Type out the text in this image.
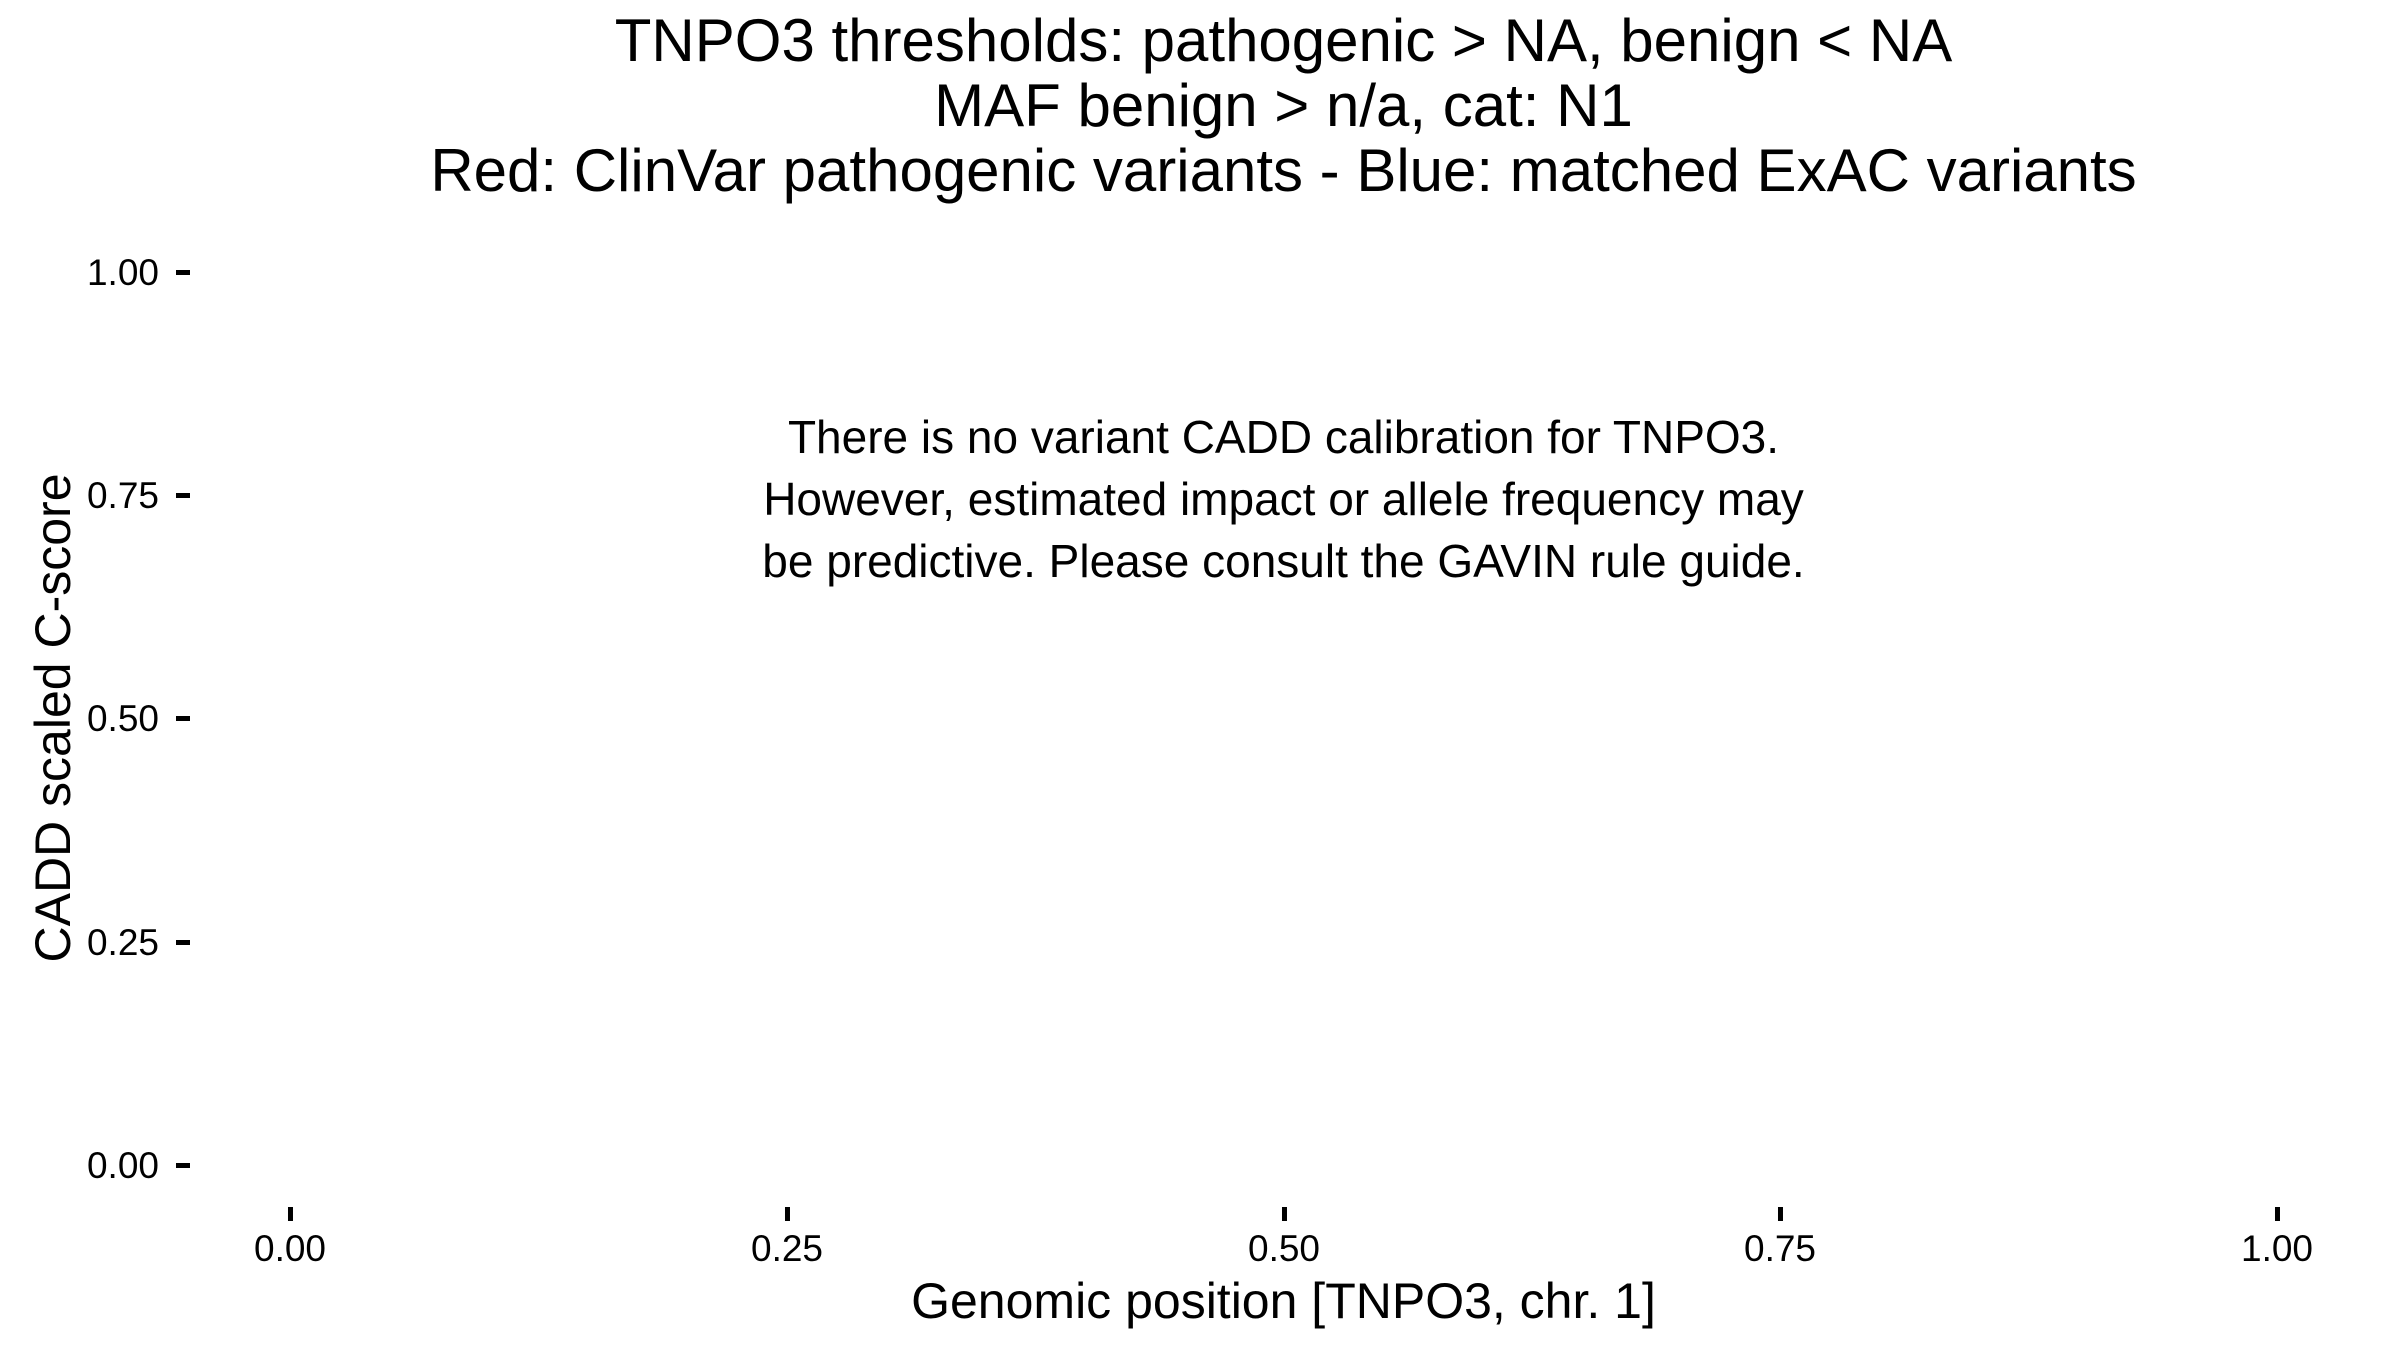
TNPO3 thresholds: pathogenic > NA, benign < NA
MAF benign > n/a, cat: N1
Red: ClinVar pathogenic variants - Blue: matched ExAC variants
CADD scaled C-score
1.00
0.75
0.50
0.25
0.00
There is no variant CADD calibration for TNPO3.
However, estimated impact or allele frequency may
be predictive. Please consult the GAVIN rule guide.
0.00	0.25	0.50	0.75	1.00
Genomic position [TNPO3, chr. 1]
